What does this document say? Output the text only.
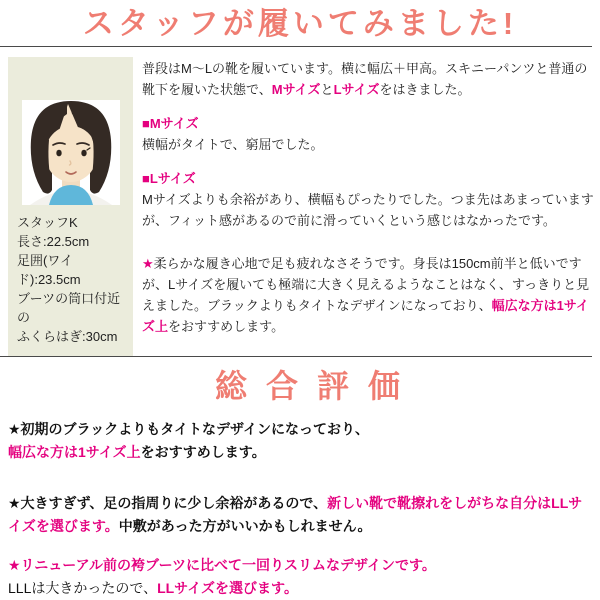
スタッフが履いてみました!
スタッフK
長さ:22.5cm
足囲(ワイド):23.5cm
ブーツの筒口付近の
ふくらはぎ:30cm

普段はM～Lの靴を履いています。横に幅広＋甲高。スキニーパンツと普通の靴下を履いた状態で、MサイズとLサイズをはきました。

■Mサイズ
横幅がタイトで、窮屈でした。

■Lサイズ
Mサイズよりも余裕があり、横幅もぴったりでした。つま先はあまっていますが、フィット感があるので前に滑っていくという感じはなかったです。

★柔らかな履き心地で足も疲れなさそうです。身長は150cm前半と低いですが、Lサイズを履いても極端に大きく見えるようなことはなく、すっきりと見えました。ブラックよりもタイトなデザインになっており、幅広な方は1サイズ上をおすすめします。

総合評価

★初期のブラックよりもタイトなデザインになっており、
幅広な方は1サイズ上をおすすめします。

★大きすぎず、足の指周りに少し余裕があるので、新しい靴で靴擦れをしがちな自分はLLサイズを選びます。中敷があった方がいいかもしれません。

★リニューアル前の袴ブーツに比べて一回りスリムなデザインです。
LLLは大きかったので、LLサイズを選びます。
